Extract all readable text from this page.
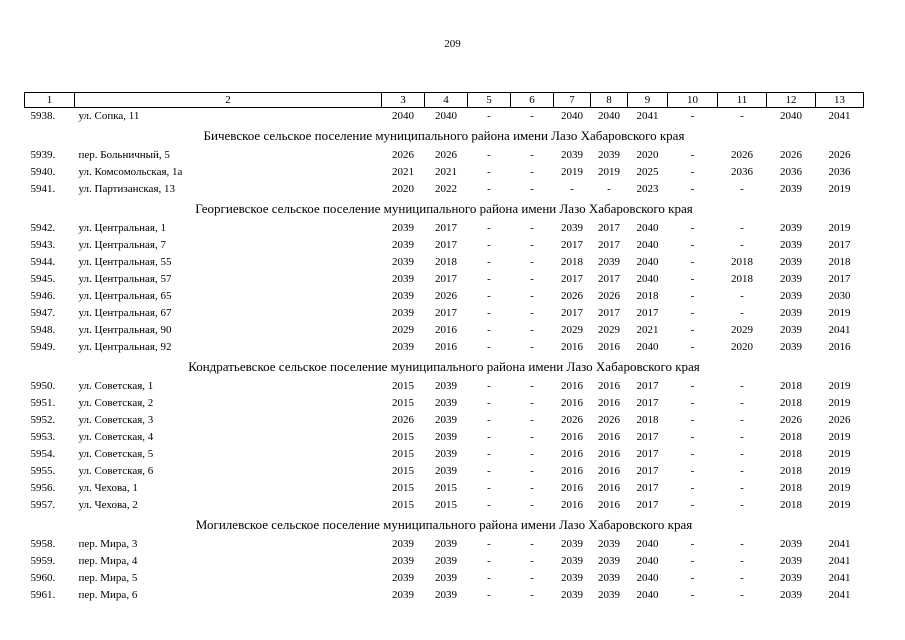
209
1	2	3	4	5	6	7	8	9	10	11	12	13
5938.	ул. Сопка, 11	2040	2040	-	-	2040	2040	2041	-	-	2040	2041
Бичевское сельское поселение муниципального района имени Лазо Хабаровского края												
5939.	пер. Больничный, 5	2026	2026	-	-	2039	2039	2020	-	2026	2026	2026
5940.	ул. Комсомольская, 1а	2021	2021	-	-	2019	2019	2025	-	2036	2036	2036
5941.	ул. Партизанская, 13	2020	2022	-	-	-	-	2023	-	-	2039	2019
Георгиевское сельское поселение муниципального района имени Лазо Хабаровского края												
5942.	ул. Центральная, 1	2039	2017	-	-	2039	2017	2040	-	-	2039	2019
5943.	ул. Центральная, 7	2039	2017	-	-	2017	2017	2040	-	-	2039	2017
5944.	ул. Центральная, 55	2039	2018	-	-	2018	2039	2040	-	2018	2039	2018
5945.	ул. Центральная, 57	2039	2017	-	-	2017	2017	2040	-	2018	2039	2017
5946.	ул. Центральная, 65	2039	2026	-	-	2026	2026	2018	-	-	2039	2030
5947.	ул. Центральная, 67	2039	2017	-	-	2017	2017	2017	-	-	2039	2019
5948.	ул. Центральная, 90	2029	2016	-	-	2029	2029	2021	-	2029	2039	2041
5949.	ул. Центральная, 92	2039	2016	-	-	2016	2016	2040	-	2020	2039	2016
Кондратьевское сельское поселение муниципального района имени Лазо Хабаровского края												
5950.	ул. Советская, 1	2015	2039	-	-	2016	2016	2017	-	-	2018	2019
5951.	ул. Советская, 2	2015	2039	-	-	2016	2016	2017	-	-	2018	2019
5952.	ул. Советская, 3	2026	2039	-	-	2026	2026	2018	-	-	2026	2026
5953.	ул. Советская, 4	2015	2039	-	-	2016	2016	2017	-	-	2018	2019
5954.	ул. Советская, 5	2015	2039	-	-	2016	2016	2017	-	-	2018	2019
5955.	ул. Советская, 6	2015	2039	-	-	2016	2016	2017	-	-	2018	2019
5956.	ул. Чехова, 1	2015	2015	-	-	2016	2016	2017	-	-	2018	2019
5957.	ул. Чехова, 2	2015	2015	-	-	2016	2016	2017	-	-	2018	2019
Могилевское сельское поселение муниципального района имени Лазо Хабаровского края												
5958.	пер. Мира, 3	2039	2039	-	-	2039	2039	2040	-	-	2039	2041
5959.	пер. Мира, 4	2039	2039	-	-	2039	2039	2040	-	-	2039	2041
5960.	пер. Мира, 5	2039	2039	-	-	2039	2039	2040	-	-	2039	2041
5961.	пер. Мира, 6	2039	2039	-	-	2039	2039	2040	-	-	2039	2041
